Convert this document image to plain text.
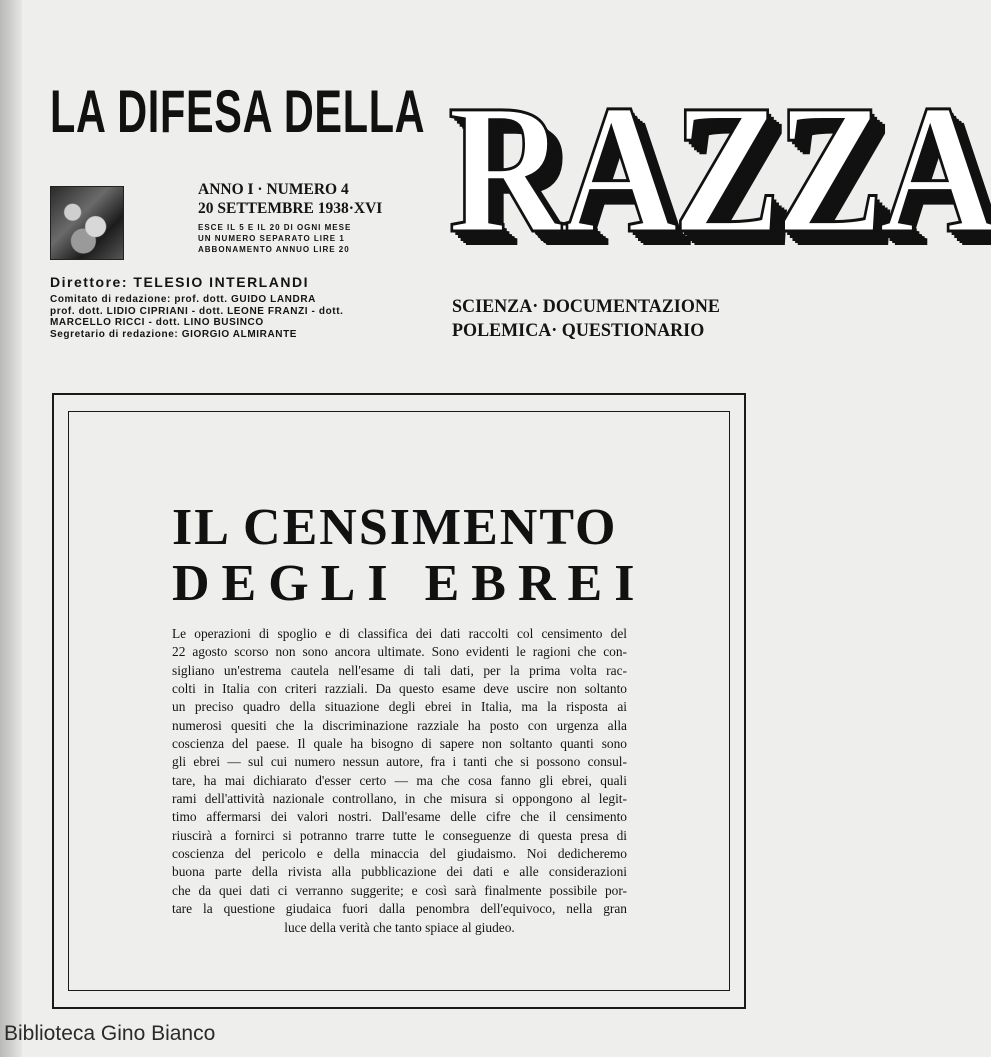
LA DIFESA DELLA RAZZA
SCIENZA· DOCUMENTAZIONE
POLEMICA· QUESTIONARIO
ANNO I · NUMERO 4
20 SETTEMBRE 1938·XVI
ESCE IL 5 E IL 20 DI OGNI MESE
UN NUMERO SEPARATO LIRE 1
ABBONAMENTO ANNUO LIRE 20
Direttore: TELESIO INTERLANDI
Comitato di redazione: prof. dott. GUIDO LANDRA
prof. dott. LIDIO CIPRIANI - dott. LEONE FRANZI - dott.
MARCELLO RICCI - dott. LINO BUSINCO
Segretario di redazione: GIORGIO ALMIRANTE
IL CENSIMENTO
DEGLI EBREI
Le operazioni di spoglio e di classifica dei dati raccolti col censimento del
22 agosto scorso non sono ancora ultimate. Sono evidenti le ragioni che con-
sigliano un'estrema cautela nell'esame di tali dati, per la prima volta rac-
colti in Italia con criteri razziali. Da questo esame deve uscire non soltanto
un preciso quadro della situazione degli ebrei in Italia, ma la risposta ai
numerosi quesiti che la discriminazione razziale ha posto con urgenza alla
coscienza del paese. Il quale ha bisogno di sapere non soltanto quanti sono
gli ebrei — sul cui numero nessun autore, fra i tanti che si possono consul-
tare, ha mai dichiarato d'esser certo — ma che cosa fanno gli ebrei, quali
rami dell'attività nazionale controllano, in che misura si oppongono al legit-
timo affermarsi dei valori nostri. Dall'esame delle cifre che il censimento
riuscirà a fornirci si potranno trarre tutte le conseguenze di questa presa di
coscienza del pericolo e della minaccia del giudaismo. Noi dedicheremo
buona parte della rivista alla pubblicazione dei dati e alle considerazioni
che da quei dati ci verranno suggerite; e così sarà finalmente possibile por-
tare la questione giudaica fuori dalla penombra dell'equivoco, nella gran
luce della verità che tanto spiace al giudeo.
Biblioteca Gino Bianco
